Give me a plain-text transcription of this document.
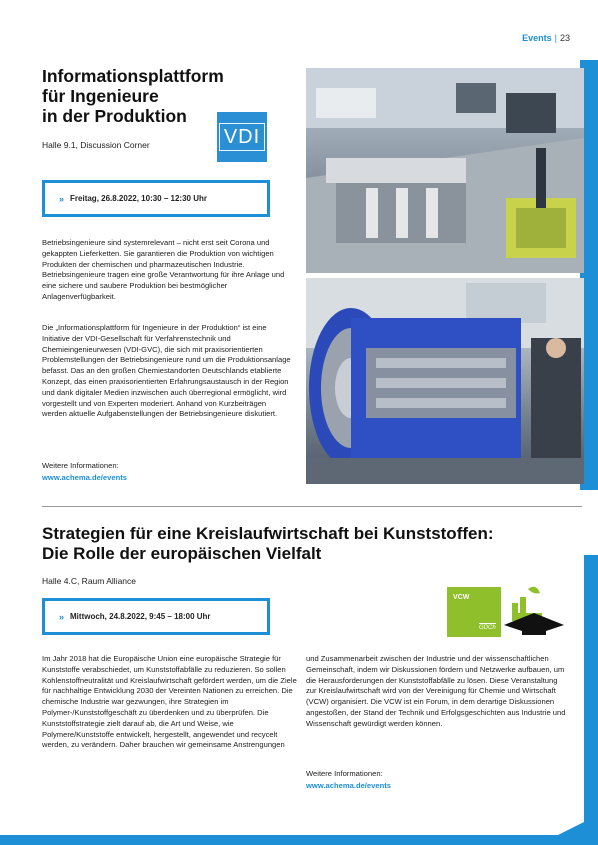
Events | 23
Informationsplattform
für Ingenieure
in der Produktion
VDI
Halle 9.1, Discussion Corner
» Freitag, 26.8.2022, 10:30 – 12:30 Uhr
Betriebsingenieure sind systemrelevant – nicht erst seit Corona und gekappten Lieferketten. Sie garantieren die Produktion von wichtigen Produkten der chemischen und pharmazeutischen Industrie. Betriebsingenieure tragen eine große Verantwortung für ihre Anlage und eine sichere und saubere Produktion bei bestmöglicher Anlagenverfügbarkeit.
Die „Informationsplattform für Ingenieure in der Produktion“ ist eine Initiative der VDI-Gesellschaft für Verfahrenstechnik und Chemieingenieurwesen (VDI-GVC), die sich mit praxisorientierten Problemstellungen der Betriebsingenieure rund um die Produktionsanlage befasst. Das an den großen Chemiestandorten Deutschlands etablierte Konzept, das einen praxisorientierten Erfahrungsaustausch in der Region und dank digitaler Medien inzwischen auch überregional ermöglicht, wird vorgestellt und von Experten moderiert. Anhand von Kurzbeiträgen werden aktuelle Aufgabenstellungen der Betriebsingenieure diskutiert.
Weitere Informationen:
www.achema.de/events
Strategien für eine Kreislaufwirtschaft bei Kunststoffen:
Die Rolle der europäischen Vielfalt
Halle 4.C, Raum Alliance
» Mittwoch, 24.8.2022, 9:45 – 18:00 Uhr
VCW
GDCh
Im Jahr 2018 hat die Europäische Union eine europäische Strategie für Kunststoffe verabschiedet, um Kunststoffabfälle zu reduzieren. So sollen Kohlenstoffneutralität und Kreislaufwirtschaft gefördert werden, um die Ziele für nachhaltige Entwicklung 2030 der Vereinten Nationen zu erreichen. Die chemische Industrie war gezwungen, ihre Strategien im Polymer-/Kunststoffgeschäft zu überdenken und zu überprüfen. Die Kunststoffstrategie zielt darauf ab, die Art und Weise, wie Polymere/Kunststoffe entwickelt, hergestellt, angewendet und recycelt werden, zu verändern. Daher brauchen wir gemeinsame Anstrengungen
und Zusammenarbeit zwischen der Industrie und der wissenschaftlichen Gemeinschaft, indem wir Diskussionen fördern und Netzwerke aufbauen, um die Herausforderungen der Kunststoffabfälle zu lösen. Diese Veranstaltung zur Kreislaufwirtschaft wird von der Vereinigung für Chemie und Wirtschaft (VCW) organisiert. Die VCW ist ein Forum, in dem derartige Diskussionen angestoßen, der Stand der Technik und Erfolgsgeschichten aus Industrie und Wissenschaft gewürdigt werden können.
Weitere Informationen:
www.achema.de/events
